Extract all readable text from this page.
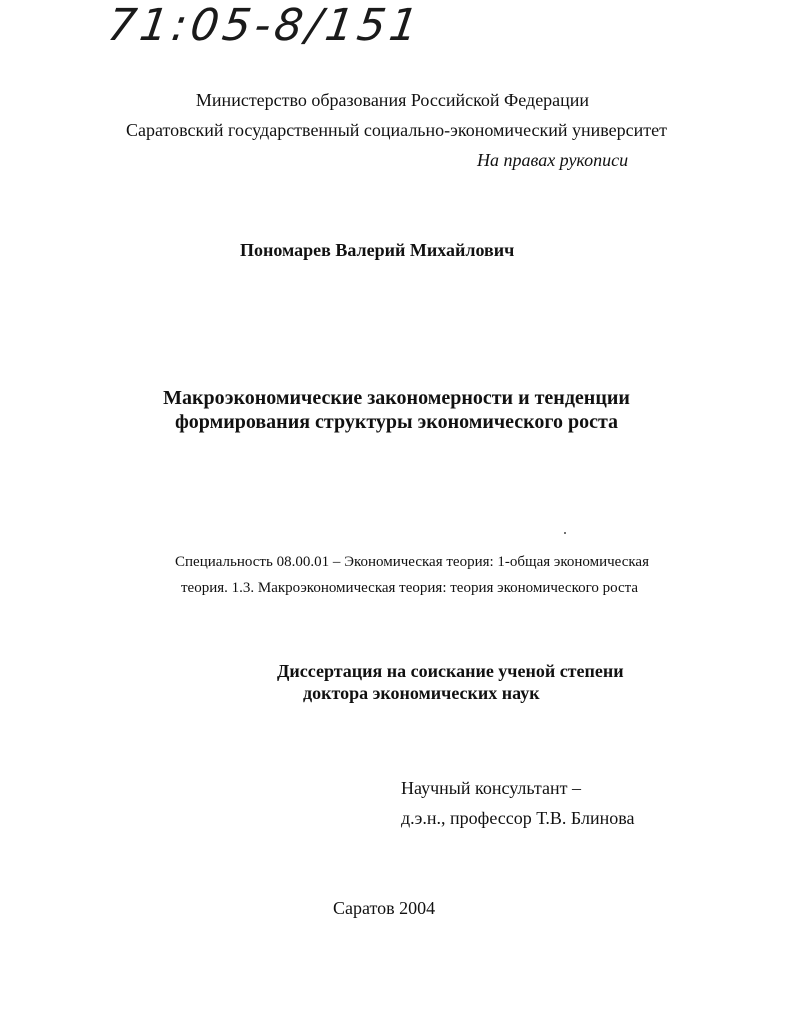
71:05-8/151
Министерство образования Российской Федерации
Саратовский государственный социально-экономический университет
На правах рукописи
Пономарев Валерий Михайлович
Макроэкономические закономерности и тенденции
формирования структуры экономического роста
Специальность 08.00.01 – Экономическая теория: 1-общая экономическая
теория. 1.3. Макроэкономическая теория: теория экономического роста
Диссертация на соискание ученой степени
доктора экономических наук
Научный консультант –
д.э.н., профессор Т.В. Блинова
Саратов 2004
